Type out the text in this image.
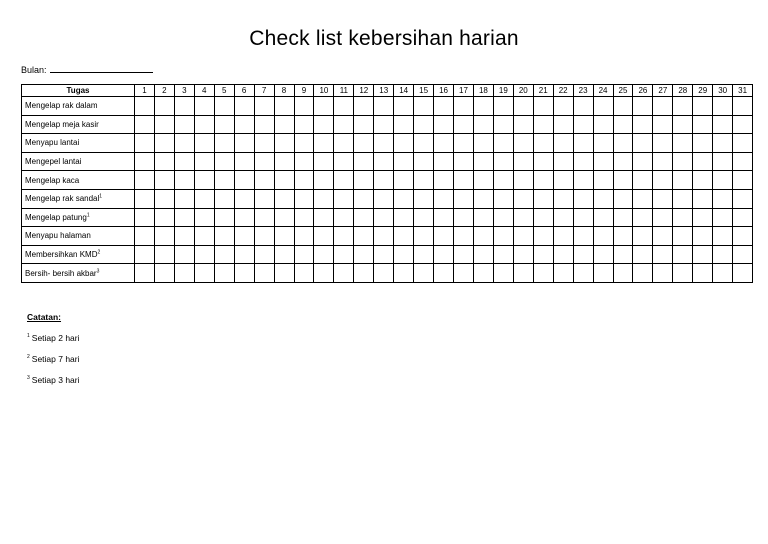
Check list kebersihan harian
Bulan:
Tugas	1	2	3	4	5	6	7	8	9	10	11	12	13	14	15	16	17	18	19	20	21	22	23	24	25	26	27	28	29	30	31
Mengelap rak dalam																															
Mengelap meja kasir																															
Menyapu lantai																															
Mengepel lantai																															
Mengelap kaca																															
Mengelap rak sandal$^1$																															
Mengelap patung$^1$																															
Menyapu halaman																															
Membersihkan KMD$^2$																															
Bersih- bersih akbar$^3$																															
Catatan:
$^1$ Setiap 2 hari
$^2$ Setiap 7 hari
$^3$ Setiap 3 hari
